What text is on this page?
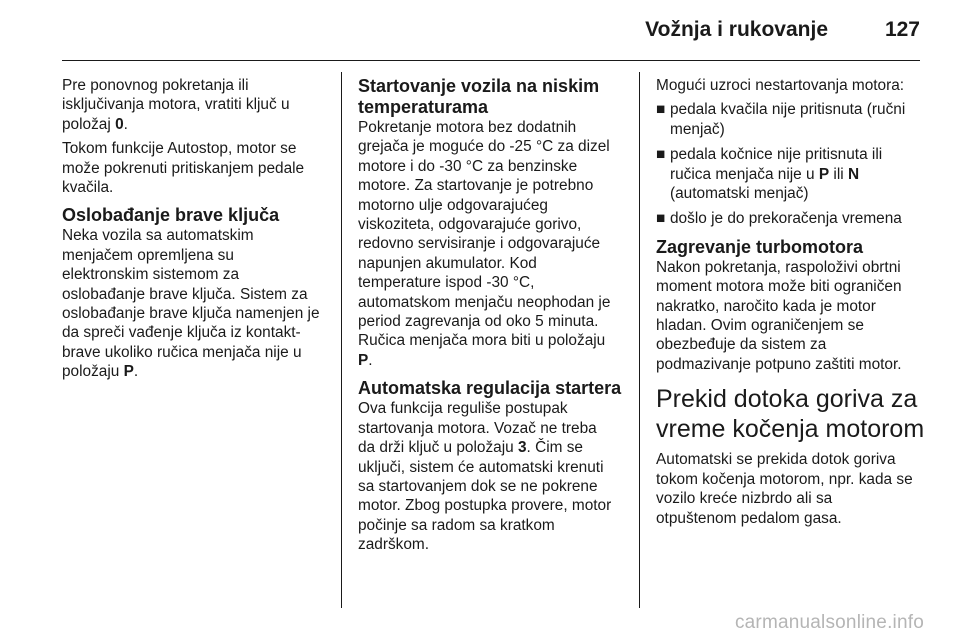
Vožnja i rukovanje	127

Pre ponovnog pokretanja ili
isključivanja motora, vratiti ključ u
položaj 0.

Tokom funkcije Autostop, motor se
može pokrenuti pritiskanjem pedale
kvačila.

Oslobađanje brave ključa

Neka vozila sa automatskim
menjačem opremljena su
elektronskim sistemom za
oslobađanje brave ključa. Sistem za
oslobađanje brave ključa namenjen je
da spreči vađenje ključa iz kontakt-
brave ukoliko ručica menjača nije u
položaju P.

Startovanje vozila na niskim
temperaturama

Pokretanje motora bez dodatnih
grejača je moguće do -25 °C za dizel
motore i do -30 °C za benzinske
motore. Za startovanje je potrebno
motorno ulje odgovarajućeg
viskoziteta, odgovarajuće gorivo,
redovno servisiranje i odgovarajuće
napunjen akumulator. Kod
temperature ispod -30 °C,
automatskom menjaču neophodan je
period zagrevanja od oko 5 minuta.
Ručica menjača mora biti u položaju
P.

Automatska regulacija startera

Ova funkcija reguliše postupak
startovanja motora. Vozač ne treba
da drži ključ u položaju 3. Čim se
uključi, sistem će automatski krenuti
sa startovanjem dok se ne pokrene
motor. Zbog postupka provere, motor
počinje sa radom sa kratkom
zadrškom.

Mogući uzroci nestartovanja motora:

■ pedala kvačila nije pritisnuta (ručni
menjač)
■ pedala kočnice nije pritisnuta ili
ručica menjača nije u P ili N
(automatski menjač)
■ došlo je do prekoračenja vremena
Zagrevanje turbomotora

Nakon pokretanja, raspoloživi obrtni
moment motora može biti ograničen
nakratko, naročito kada je motor
hladan. Ovim ograničenjem se
obezbeđuje da sistem za
podmazivanje potpuno zaštiti motor.

Prekid dotoka goriva za
vreme kočenja motorom

Automatski se prekida dotok goriva
tokom kočenja motorom, npr. kada se
vozilo kreće nizbrdo ali sa
otpuštenom pedalom gasa.

carmanualsonline.info
